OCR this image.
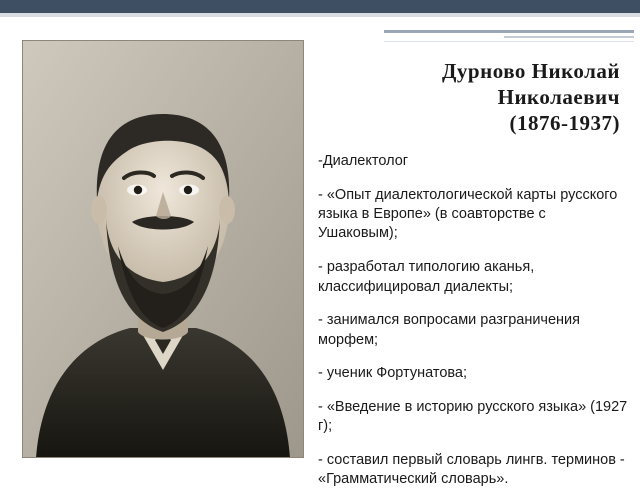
Дурново Николай
Николаевич
(1876-1937)

-Диалектолог

- «Опыт диалектологической карты русского языка в Европе» (в соавторстве с Ушаковым);

- разработал типологию аканья, классифицировал диалекты;

- занимался вопросами разграничения морфем;

- ученик Фортунатова;

- «Введение в историю русского языка» (1927 г);

- составил первый словарь лингв. терминов - «Грамматический словарь».
